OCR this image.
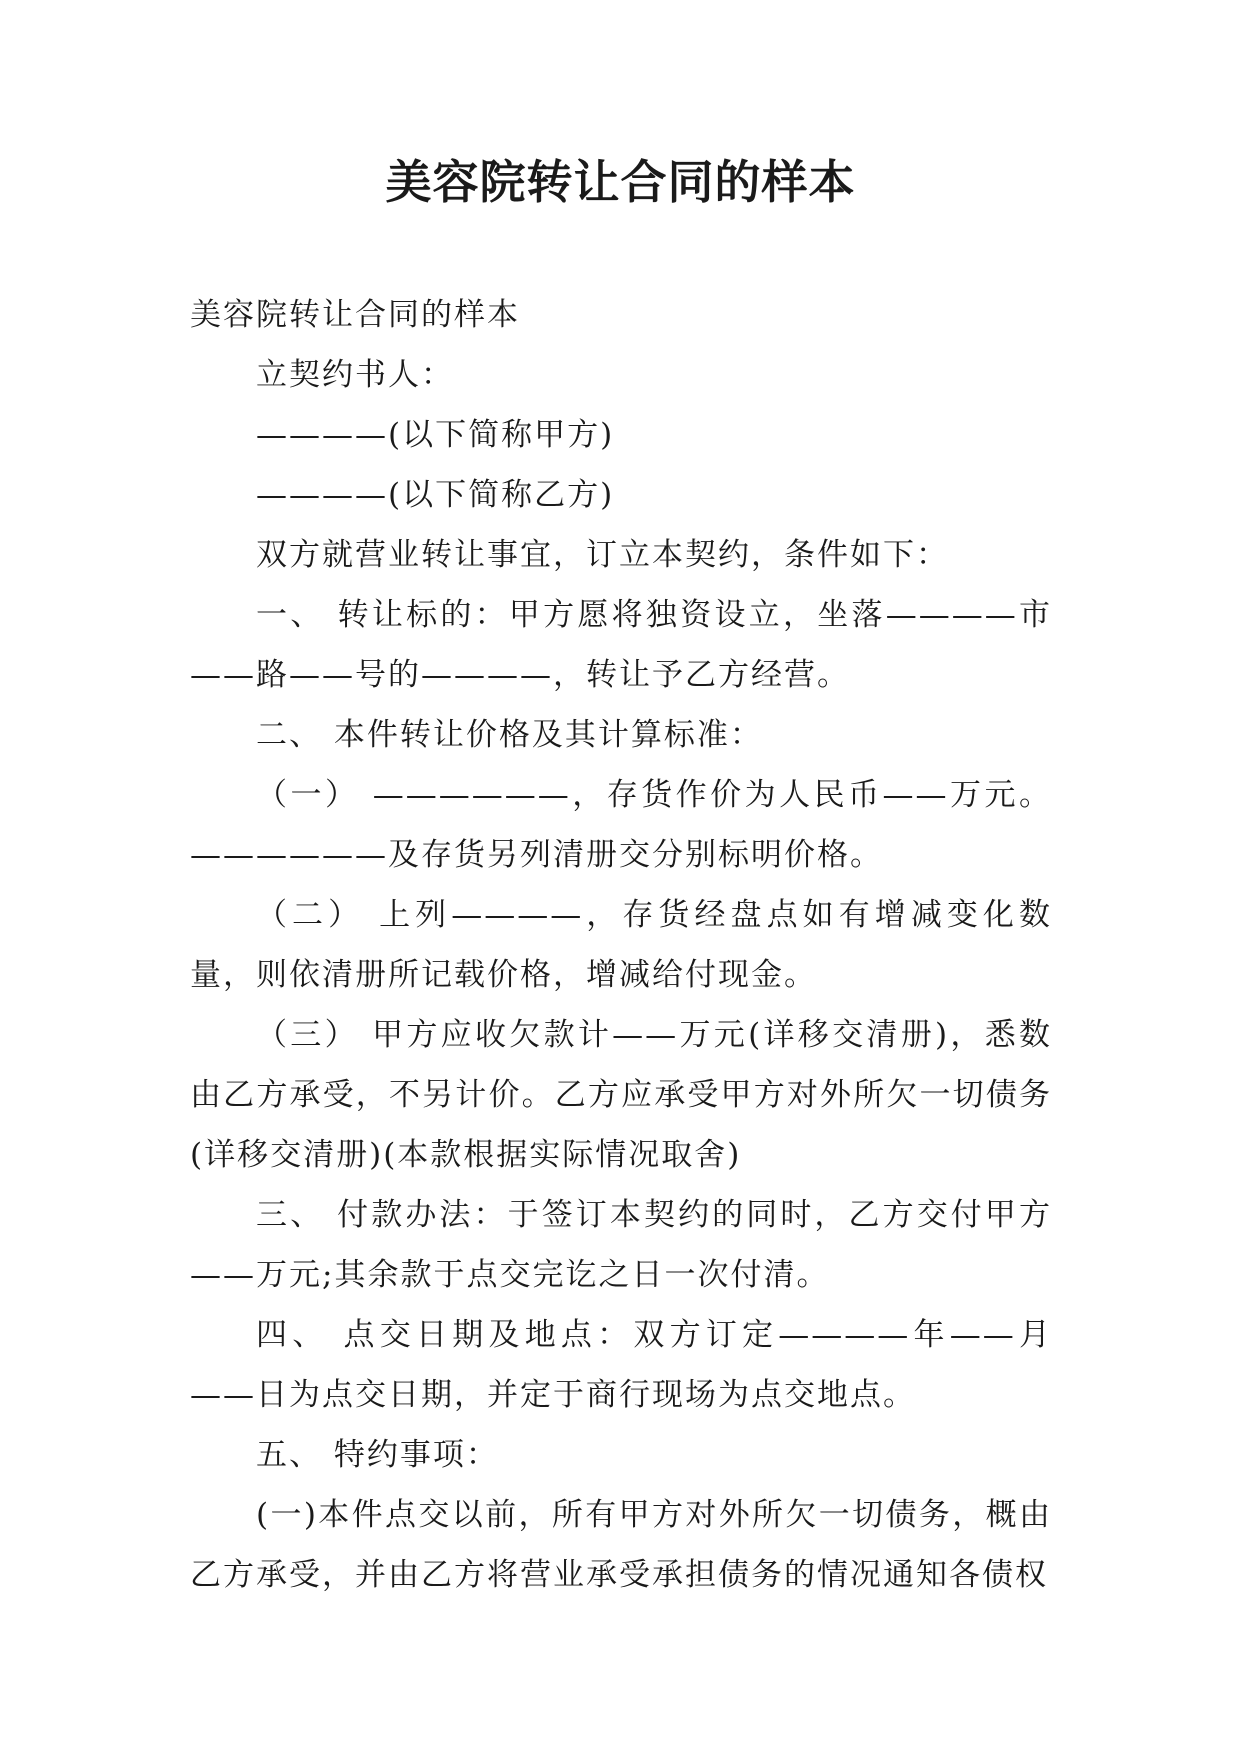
美容院转让合同的样本

美容院转让合同的样本

立契约书人：

————(以下简称甲方)

————(以下简称乙方)

双方就营业转让事宜，订立本契约，条件如下：

一、 转让标的：甲方愿将独资设立，坐落————市——路——号的————，转让予乙方经营。

二、 本件转让价格及其计算标准：

（一） ——————，存货作价为人民币——万元。——————及存货另列清册交分别标明价格。

（二） 上列————，存货经盘点如有增减变化数量，则依清册所记载价格，增减给付现金。

（三） 甲方应收欠款计——万元(详移交清册)，悉数由乙方承受，不另计价。乙方应承受甲方对外所欠一切债务(详移交清册)(本款根据实际情况取舍)

三、 付款办法：于签订本契约的同时，乙方交付甲方——万元;其余款于点交完讫之日一次付清。

四、 点交日期及地点：双方订定————年——月——日为点交日期，并定于商行现场为点交地点。

五、 特约事项：

(一)本件点交以前，所有甲方对外所欠一切债务，概由乙方承受，并由乙方将营业承受承担债务的情况通知各债权
